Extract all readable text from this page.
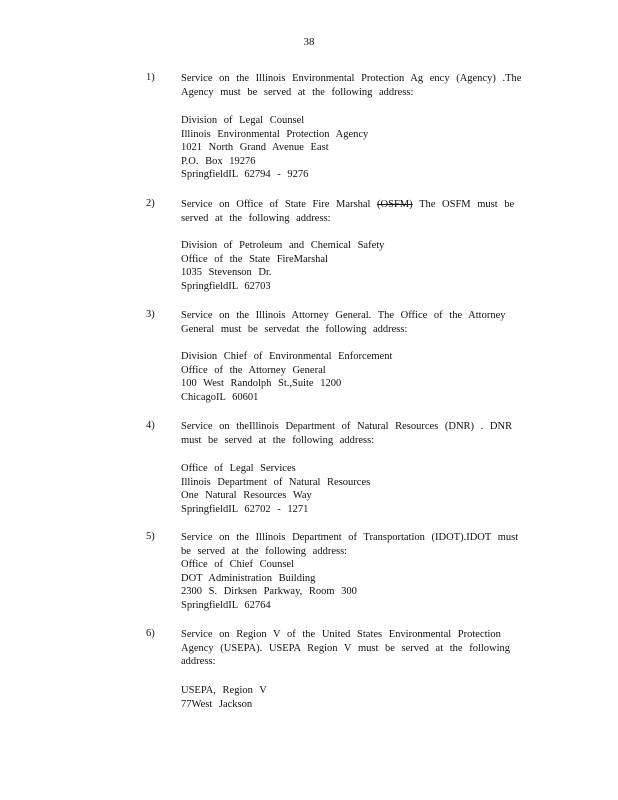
38
1)	Service on the Illinois Environmental Protection Ag ency (Agency) .The
Agency must be served at the following address:
Division of Legal Counsel
Illinois Environmental Protection Agency
1021 North Grand Avenue East
P.O. Box 19276
SpringfieldIL 62794 - 9276
2)	Service on Office of State Fire Marshal (OSFM) The OSFM must be
served at the following address:
Division of Petroleum and Chemical Safety
Office of the State FireMarshal
1035 Stevenson Dr.
SpringfieldIL 62703
3)	Service on the Illinois Attorney General. The Office of the Attorney
General must be servedat the following address:
Division Chief of Environmental Enforcement
Office of the Attorney General
100 West Randolph St.,Suite 1200
ChicagoIL 60601
4)	Service on theIllinois Department of Natural Resources (DNR) . DNR
must be served at the following address:
Office of Legal Services
Illinois Department of Natural Resources
One Natural Resources Way
SpringfieldIL 62702 - 1271
5)	Service on the Illinois Department of Transportation (IDOT).IDOT must
be served at the following address:
Office of Chief Counsel
DOT Administration Building
2300 S. Dirksen Parkway, Room 300
SpringfieldIL 62764
6)	Service on Region V of the United States Environmental Protection
Agency (USEPA). USEPA Region V must be served at the following
address:
USEPA, Region V
77West Jackson
